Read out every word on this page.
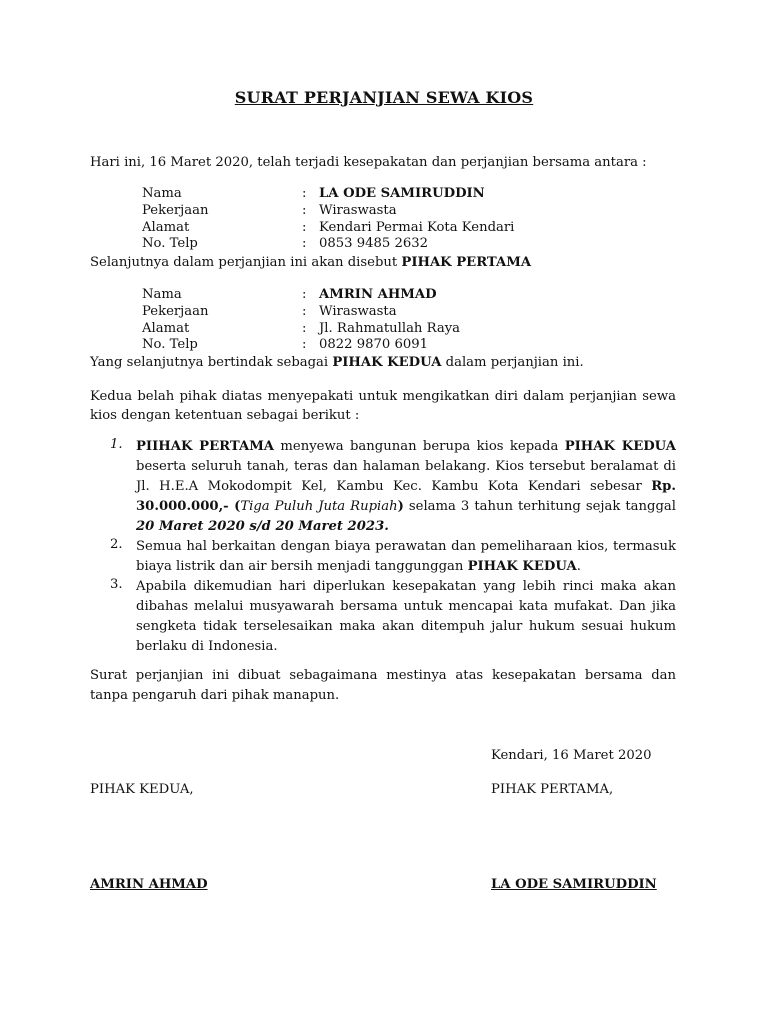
SURAT PERJANJIAN SEWA KIOS
Hari ini, 16 Maret 2020, telah terjadi kesepakatan dan perjanjian bersama antara :
Nama	: LA ODE SAMIRUDDIN
Pekerjaan	: Wiraswasta
Alamat	: Kendari Permai Kota Kendari
No. Telp	: 0853 9485 2632
Selanjutnya dalam perjanjian ini akan disebut PIHAK PERTAMA
Nama	: AMRIN AHMAD
Pekerjaan	: Wiraswasta
Alamat	: Jl. Rahmatullah Raya
No. Telp	: 0822 9870 6091
Yang selanjutnya bertindak sebagai PIHAK KEDUA dalam perjanjian ini.
Kedua belah pihak diatas menyepakati untuk mengikatkan diri dalam perjanjian sewa kios dengan ketentuan sebagai berikut :
1.	PIIHAK PERTAMA menyewa bangunan berupa kios kepada PIHAK KEDUA beserta seluruh tanah, teras dan halaman belakang. Kios tersebut beralamat di Jl. H.E.A Mokodompit Kel, Kambu Kec. Kambu Kota Kendari sebesar Rp. 30.000.000,- (Tiga Puluh Juta Rupiah) selama 3 tahun terhitung sejak tanggal 20 Maret 2020 s/d 20 Maret 2023.
2.	Semua hal berkaitan dengan biaya perawatan dan pemeliharaan kios, termasuk biaya listrik dan air bersih menjadi tanggunggan PIHAK KEDUA.
3.	Apabila dikemudian hari diperlukan kesepakatan yang lebih rinci maka akan dibahas melalui musyawarah bersama untuk mencapai kata mufakat. Dan jika sengketa tidak terselesaikan maka akan ditempuh jalur hukum sesuai hukum berlaku di Indonesia.
Surat perjanjian ini dibuat sebagaimana mestinya atas kesepakatan bersama dan tanpa pengaruh dari pihak manapun.
Kendari, 16 Maret 2020
PIHAK KEDUA,	PIHAK PERTAMA,
AMRIN AHMAD	LA ODE SAMIRUDDIN
